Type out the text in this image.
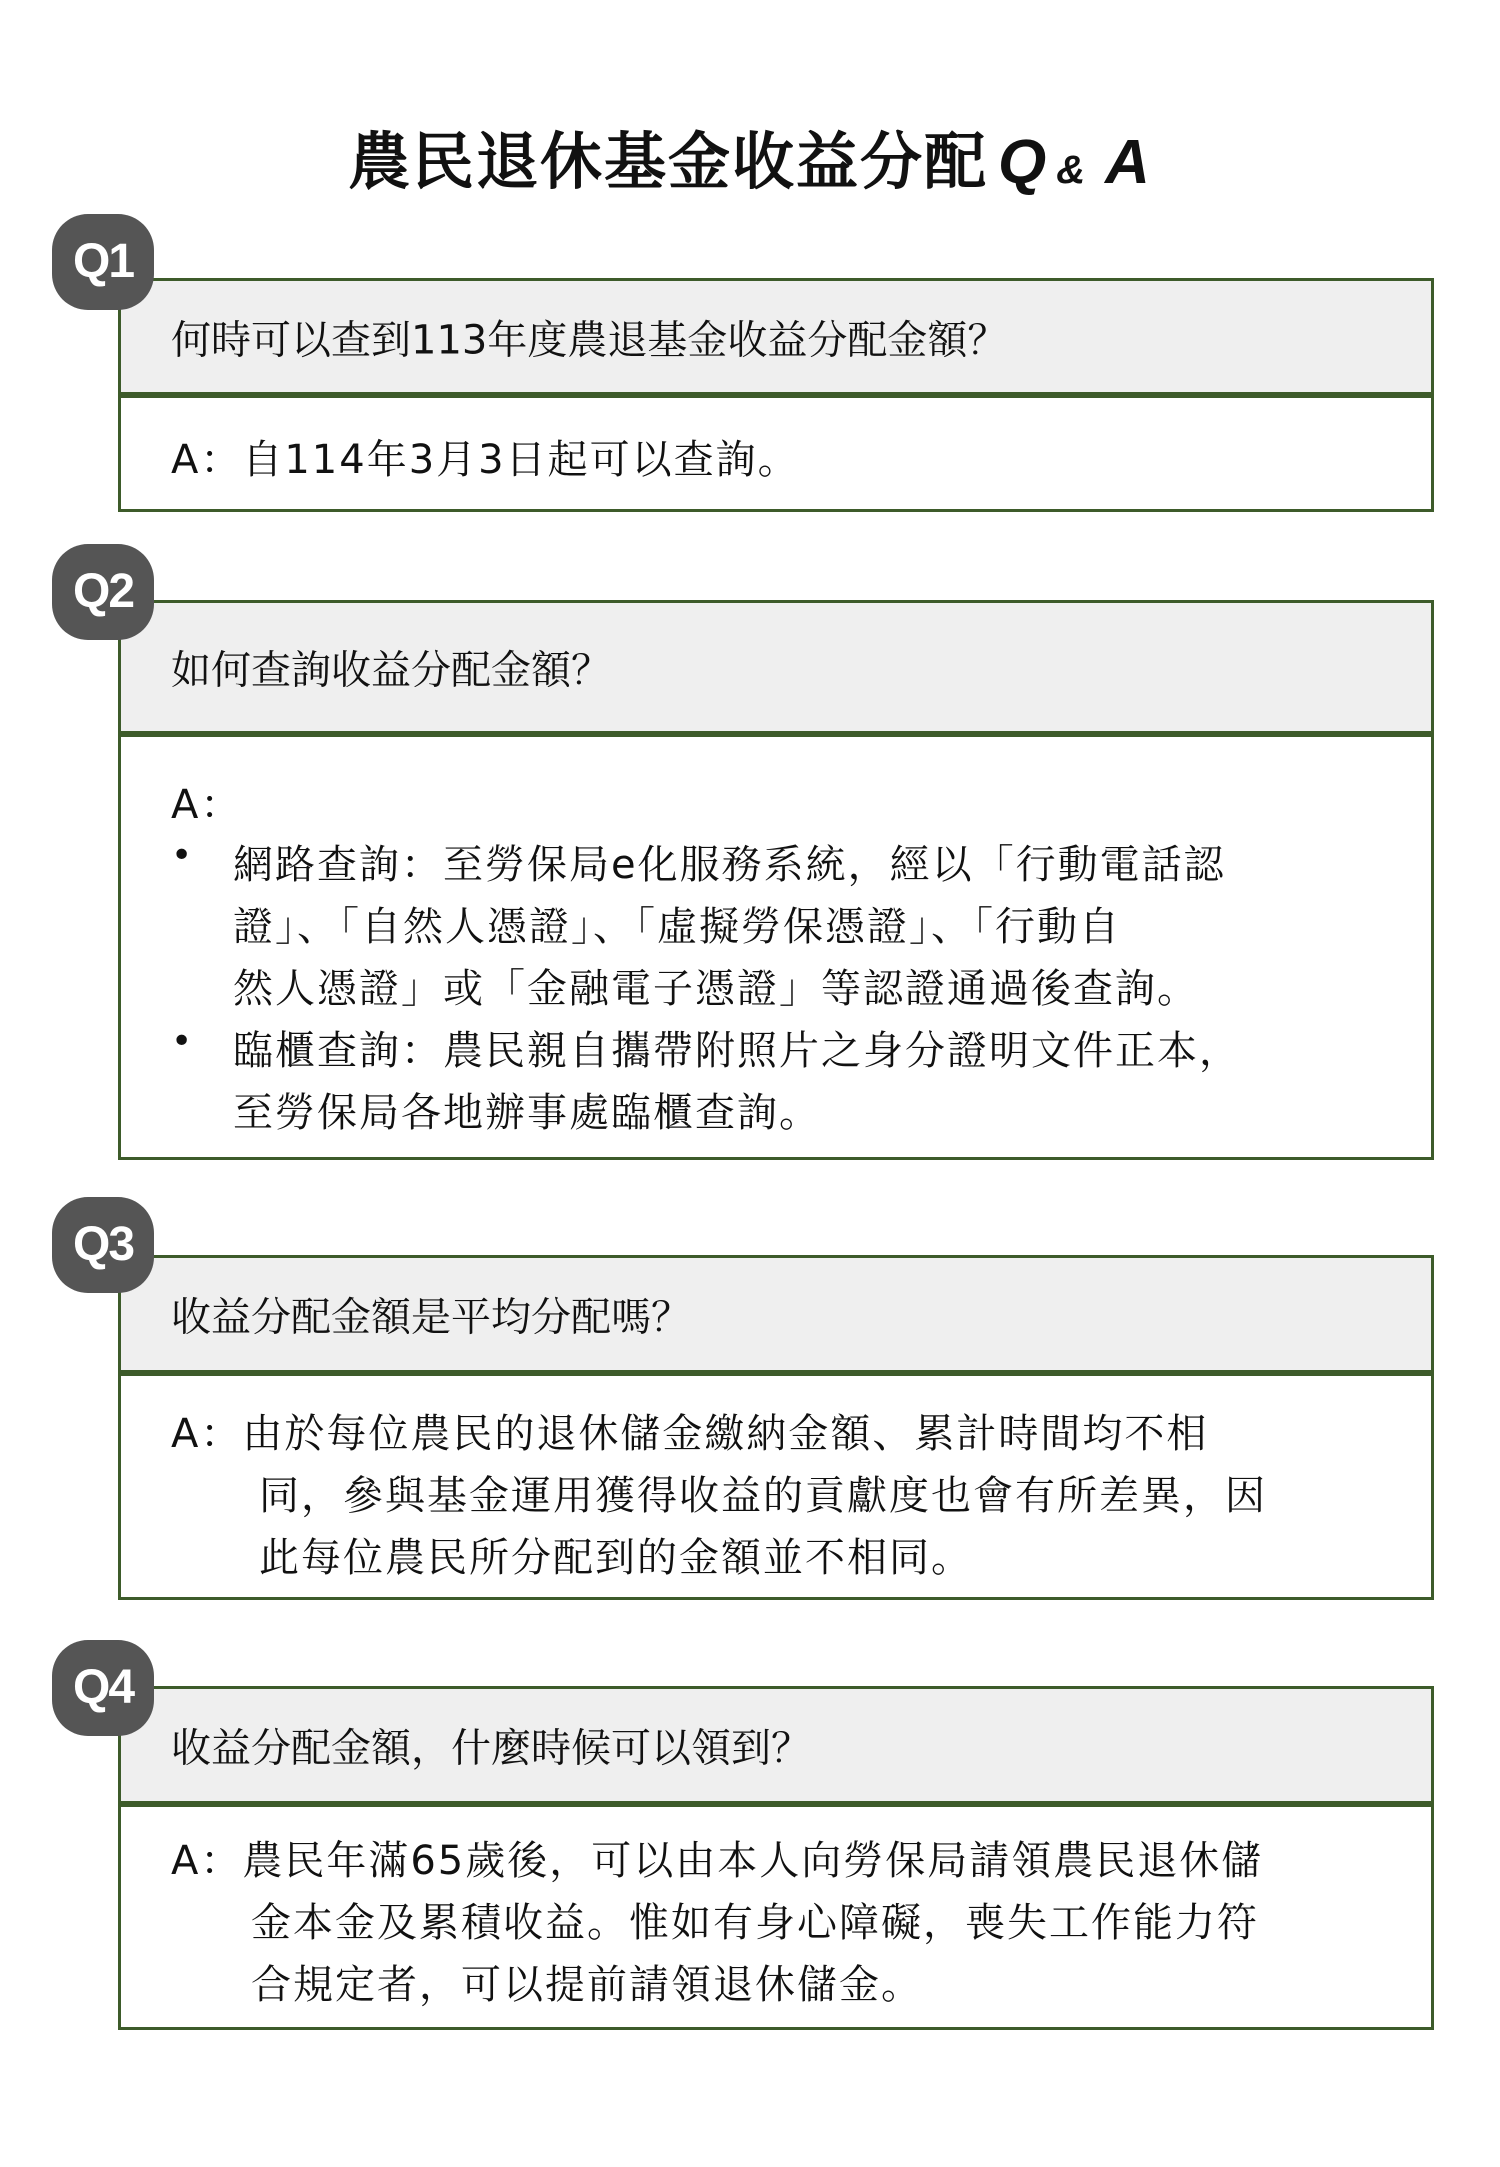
農民退休基金收益分配 Q & A
Q1
何時可以查到113年度農退基金收益分配金額？
A：自114年3月3日起可以查詢。
Q2
如何查詢收益分配金額？
A：
• 網路查詢：至勞保局e化服務系統，經以「行動電話認
證」、「自然人憑證」、「虛擬勞保憑證」、「行動自
然人憑證」或「金融電子憑證」等認證通過後查詢。
• 臨櫃查詢：農民親自攜帶附照片之身分證明文件正本，
至勞保局各地辦事處臨櫃查詢。
Q3
收益分配金額是平均分配嗎？
A：由於每位農民的退休儲金繳納金額、累計時間均不相
同，參與基金運用獲得收益的貢獻度也會有所差異，因
此每位農民所分配到的金額並不相同。
Q4
收益分配金額，什麼時候可以領到？
A：農民年滿65歲後，可以由本人向勞保局請領農民退休儲
金本金及累積收益。惟如有身心障礙，喪失工作能力符
合規定者，可以提前請領退休儲金。
